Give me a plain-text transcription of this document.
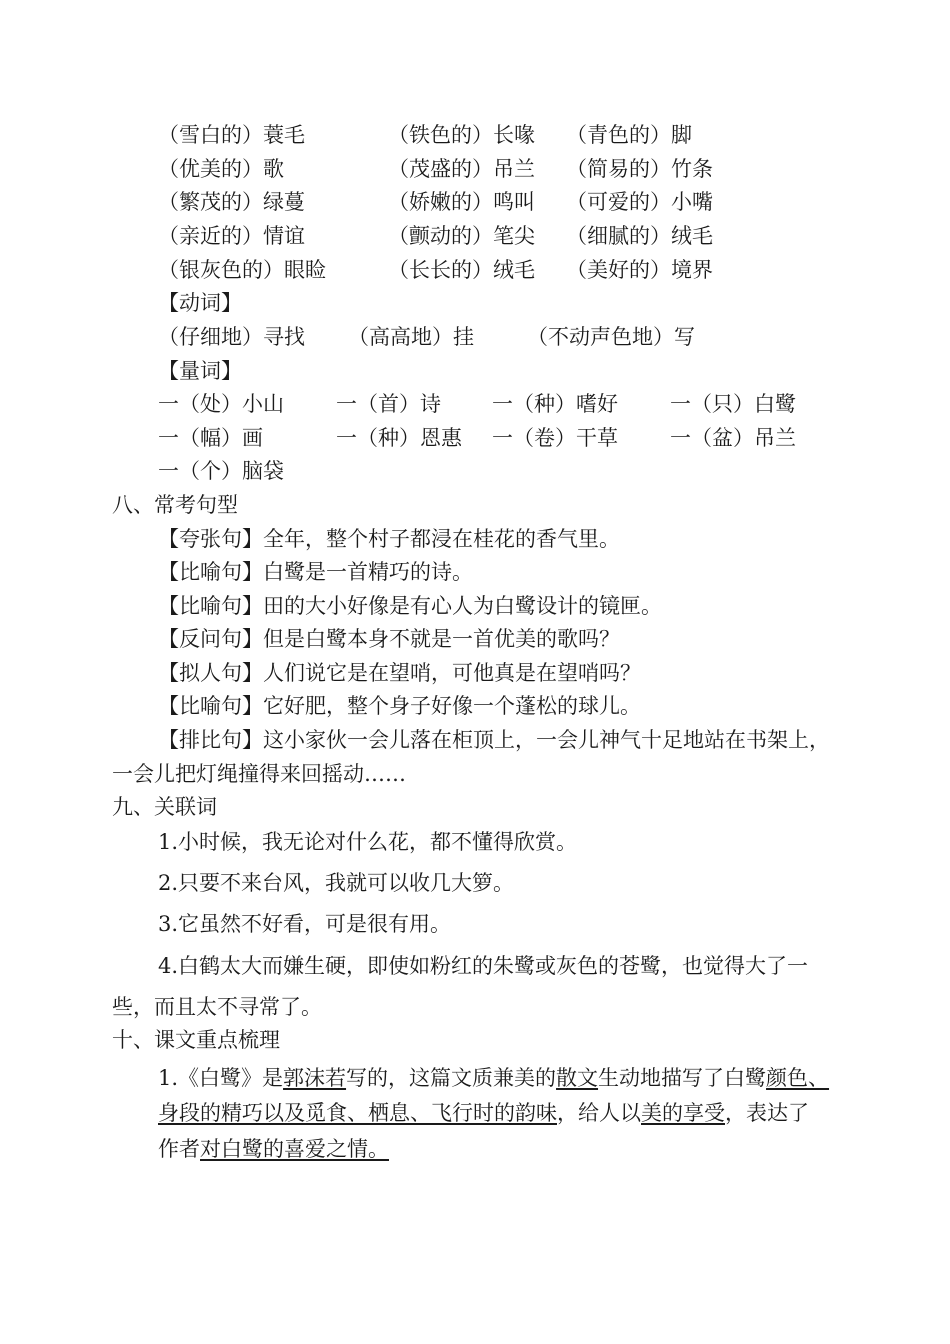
（雪白的）蓑毛	（铁色的）长喙 （青色的）脚
（优美的）歌	（茂盛的）吊兰 （简易的）竹条
（繁茂的）绿蔓	（娇嫩的）鸣叫 （可爱的）小嘴
（亲近的）情谊	（颤动的）笔尖 （细腻的）绒毛
（银灰色的）眼睑	（长长的）绒毛 （美好的）境界
【动词】
（仔细地）寻找 （高高地）挂	（不动声色地）写
【量词】
一（处）小山 一（首）诗 一（种）嗜好 一（只）白鹭
一（幅）画	一（种）恩惠 一（卷）干草 一（盆）吊兰
一（个）脑袋
八、常考句型
【夸张句】全年，整个村子都浸在桂花的香气里。
【比喻句】白鹭是一首精巧的诗。
【比喻句】田的大小好像是有心人为白鹭设计的镜匣。
【反问句】但是白鹭本身不就是一首优美的歌吗？
【拟人句】人们说它是在望哨，可他真是在望哨吗？
【比喻句】它好肥，整个身子好像一个蓬松的球儿。
【排比句】这小家伙一会儿落在柜顶上，一会儿神气十足地站在书架上，
一会儿把灯绳撞得来回摇动……
九、关联词
1.小时候，我无论对什么花，都不懂得欣赏。
2.只要不来台风，我就可以收几大箩。
3.它虽然不好看，可是很有用。
4.白鹤太大而嫌生硬，即使如粉红的朱鹭或灰色的苍鹭，也觉得大了一
些，而且太不寻常了。
十、课文重点梳理
1.《白鹭》是郭沫若写的，这篇文质兼美的散文生动地描写了白鹭颜色、
身段的精巧以及觅食、栖息、飞行时的韵味，给人以美的享受，表达了
作者对白鹭的喜爱之情。
